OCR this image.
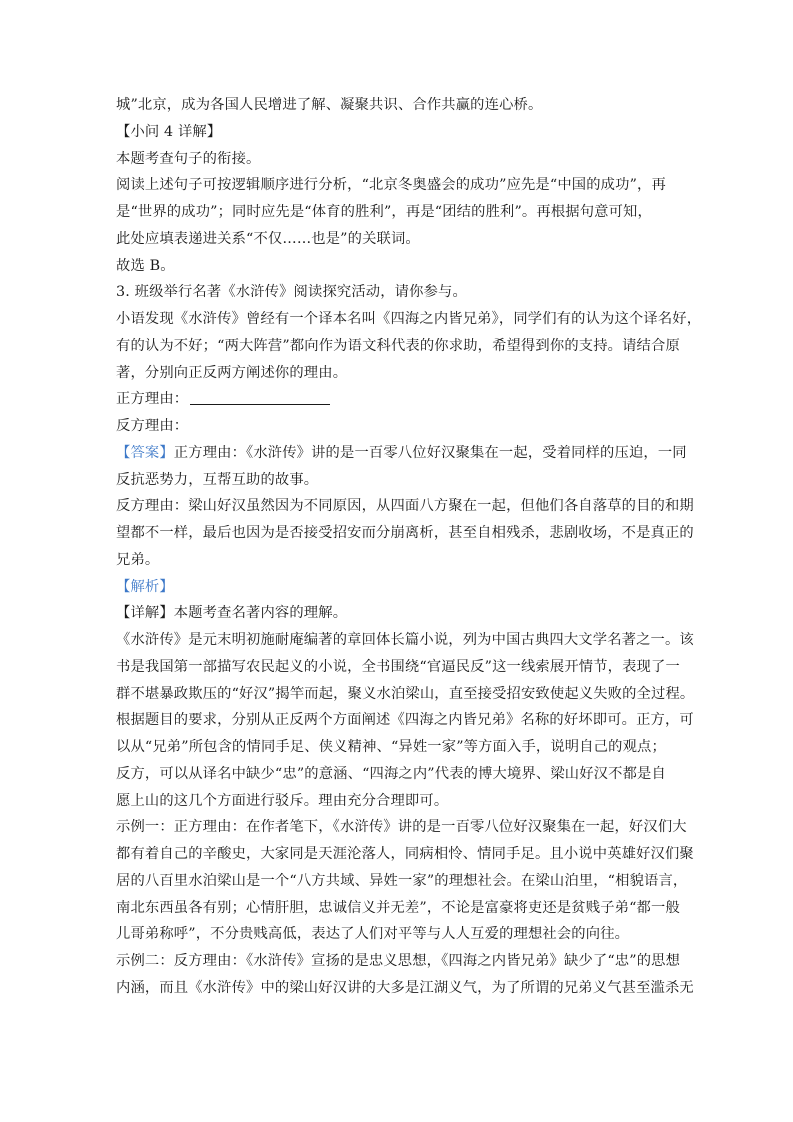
城”北京，成为各国人民增进了解、凝聚共识、合作共赢的连心桥。
【小问 4 详解】
本题考查句子的衔接。
阅读上述句子可按逻辑顺序进行分析，“北京冬奥盛会的成功”应先是“中国的成功”，再
是“世界的成功”；同时应先是“体育的胜利”，再是“团结的胜利”。再根据句意可知，
此处应填表递进关系“不仅……也是”的关联词。
故选 B。
3. 班级举行名著《水浒传》阅读探究活动，请你参与。
小语发现《水浒传》曾经有一个译本名叫《四海之内皆兄弟》，同学们有的认为这个译名好，
有的认为不好；“两大阵营”都向作为语文科代表的你求助，希望得到你的支持。请结合原
著，分别向正反两方阐述你的理由。
正方理由：
反方理由：
【答案】正方理由：《水浒传》讲的是一百零八位好汉聚集在一起，受着同样的压迫，一同
反抗恶势力，互帮互助的故事。
反方理由：梁山好汉虽然因为不同原因，从四面八方聚在一起，但他们各自落草的目的和期
望都不一样，最后也因为是否接受招安而分崩离析，甚至自相残杀，悲剧收场，不是真正的
兄弟。
【解析】
【详解】本题考查名著内容的理解。
《水浒传》是元末明初施耐庵编著的章回体长篇小说，列为中国古典四大文学名著之一。该
书是我国第一部描写农民起义的小说，全书围绕“官逼民反”这一线索展开情节，表现了一
群不堪暴政欺压的“好汉”揭竿而起，聚义水泊梁山，直至接受招安致使起义失败的全过程。
根据题目的要求，分别从正反两个方面阐述《四海之内皆兄弟》名称的好坏即可。正方，可
以从“兄弟”所包含的情同手足、侠义精神、“异姓一家”等方面入手，说明自己的观点；
反方，可以从译名中缺少“忠”的意涵、“四海之内”代表的博大境界、梁山好汉不都是自
愿上山的这几个方面进行驳斥。理由充分合理即可。
示例一：正方理由：在作者笔下，《水浒传》讲的是一百零八位好汉聚集在一起，好汉们大
都有着自己的辛酸史，大家同是天涯沦落人，同病相怜、情同手足。且小说中英雄好汉们聚
居的八百里水泊梁山是一个“八方共域、异姓一家”的理想社会。在梁山泊里，“相貌语言，
南北东西虽各有别；心情肝胆，忠诚信义并无差”，不论是富豪将吏还是贫贱子弟“都一般
儿哥弟称呼”，不分贵贱高低，表达了人们对平等与人人互爱的理想社会的向往。
示例二：反方理由：《水浒传》宣扬的是忠义思想，《四海之内皆兄弟》缺少了“忠”的思想
内涵，而且《水浒传》中的梁山好汉讲的大多是江湖义气，为了所谓的兄弟义气甚至滥杀无
